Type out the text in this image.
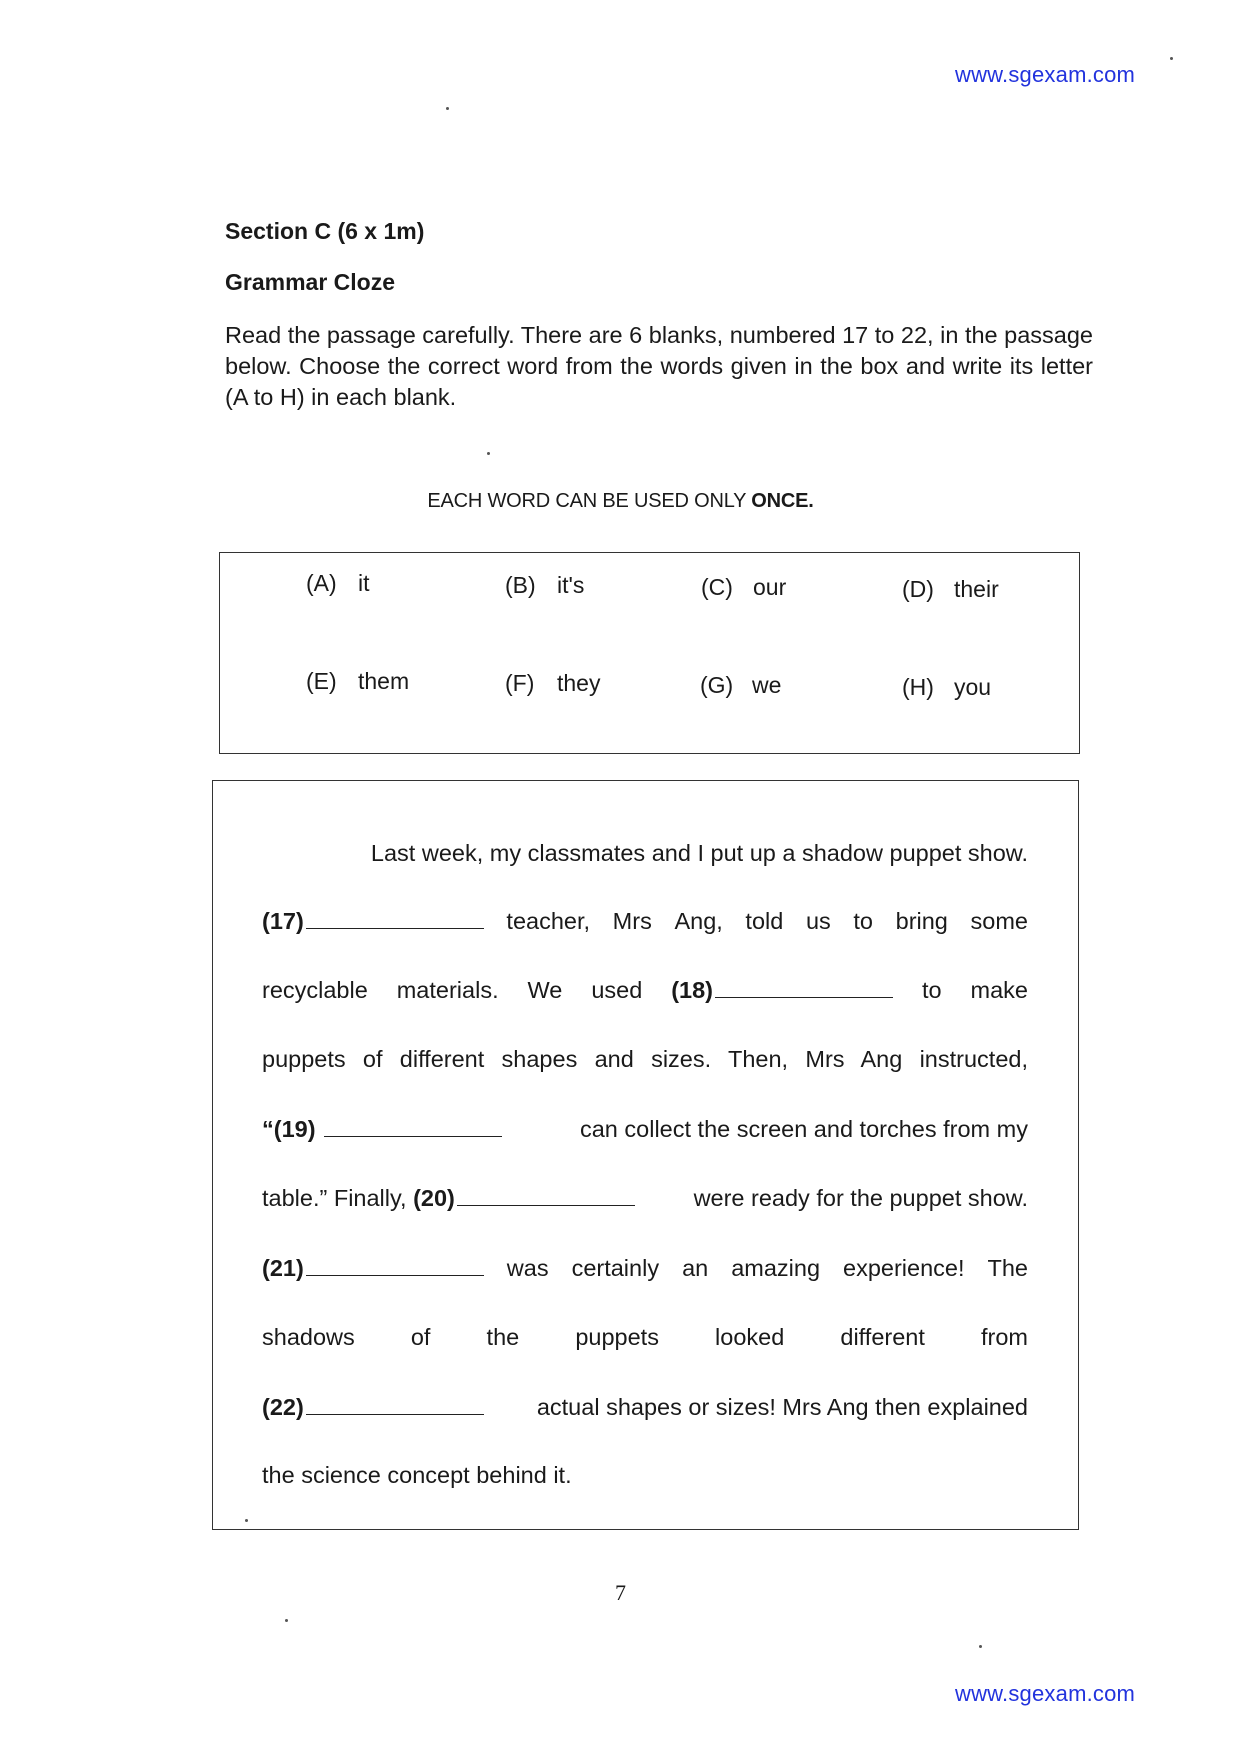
www.sgexam.com
Section C (6 x 1m)
Grammar Cloze
Read the passage carefully. There are 6 blanks, numbered 17 to 22, in the passage below. Choose the correct word from the words given in the box and write its letter (A to H) in each blank.
EACH WORD CAN BE USED ONLY ONCE.
(A) it	(B) it's	(C) our	(D) their
(E) them	(F) they	(G) we	(H) you
Last week, my classmates and I put up a shadow puppet show.
(17)	teacher, Mrs Ang, told us to bring some
recyclable materials. We used (18)	to make
puppets of different shapes and sizes. Then, Mrs Ang instructed,
“(19)	can collect the screen and torches from my
table.” Finally, (20)	were ready for the puppet show.
(21)	was certainly an amazing experience! The
shadows of the puppets looked different from
(22)	actual shapes or sizes! Mrs Ang then explained
the science concept behind it.
7
www.sgexam.com
